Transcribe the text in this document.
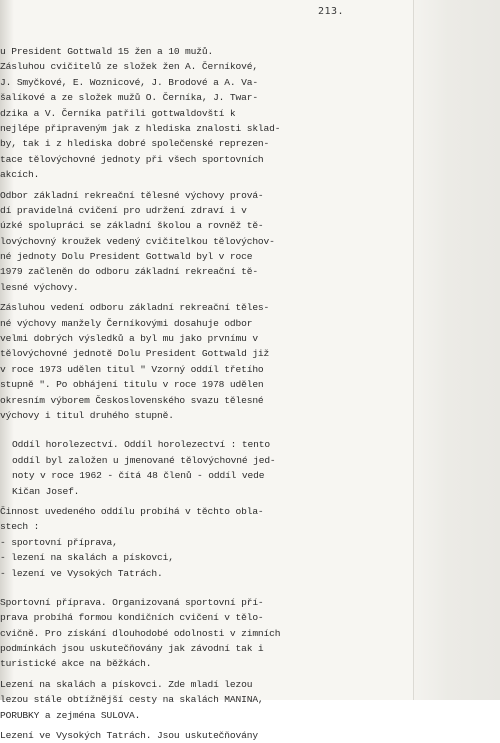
213.
u President Gottwald 15 žen a 10 mužů.
Zásluhou cvičitelů ze složek žen A. Černíkové,
J. Smyčkové, E. Woznicové, J. Brodové a A. Va-
šalíkové a ze složek mužů O. Černíka, J. Twar-
dzika a V. Černíka patřili gottwaldovští k
nejlépe připraveným jak z hlediska znalosti sklad-
by, tak i z hlediska dobré společenské reprezen-
tace tělovýchovné jednoty při všech sportovních
akcích.
Odbor základní rekreační tělesné výchovy prová-
dí pravidelná cvičení pro udržení zdraví i v
úzké spolupráci se základní školou a rovněž tě-
lovýchovný kroužek vedený cvičitelkou tělovýchov-
né jednoty Dolu President Gottwald byl v roce
1979 začleněn do odboru základní rekreační tě-
lesné výchovy.
Zásluhou vedení odboru základní rekreační těles-
né výchovy manžely Černíkovými dosahuje odbor
velmi dobrých výsledků a byl mu jako prvnímu v
tělovýchovné jednotě Dolu President Gottwald již
v roce 1973 udělen titul " Vzorný oddíl třetího
stupně ". Po obhájení titulu v roce 1978 udělen
okresním výborem Československého svazu tělesné
výchovy i titul druhého stupně.
Oddíl horolezectví. Oddíl horolezectví : tento
oddíl byl založen u jmenované tělovýchovné jed-
noty v roce 1962 - čítá 48 členů - oddíl vede
Kičan Josef.
Činnost uvedeného oddílu probíhá v těchto obla-
stech :
- sportovní příprava,
- lezení na skalách a pískovci,
- lezení ve Vysokých Tatrách.
Sportovní příprava. Organizovaná sportovní pří-
prava probíhá formou kondičních cvičení v tělo-
cvičně. Pro získání dlouhodobé odolnosti v zimních
podmínkách jsou uskutečňovány jak závodní tak i
turistické akce na běžkách.
Lezení na skalách a pískovci. Zde mladí lezou
lezou stále obtížnější cesty na skalách MANINA,
PORUBKY a zejména SULOVA.
Lezení ve Vysokých Tatrách. Jsou uskutečňovány
